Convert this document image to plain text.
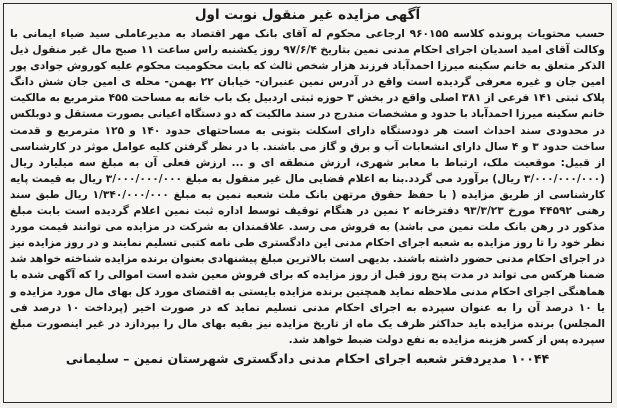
آگهی مزایده غیر منقول نوبت اول

حسب محتویات پرونده کلاسه ۹۶۰۱۵۵ ارجاعی محکوم له آقای بانک مهر اقتصاد به مدیرعاملی سید ضیاء ایمانی با وکالت آقای امید اسدیان اجرای احکام مدنی نمین بتاریخ ۹۷/۶/۴ روز یکشنبه راس ساعت ۱۱ صبح مال غیر منقول ذیل الذکر متعلق به خانم سکینه میرزا احمدآباد فرزند هزار شخص ثالث که بابت محکومیت محکوم علیه کوروش جوادی پور امین جان و غیره معرفی گردیده است واقع در آدرس نمین عنبران- خیابان ۲۲ بهمن- محله ی امین جان شش دانگ پلاک ثبتی ۱۴۱ فرعی از ۳۸۱ اصلی واقع در بخش ۳ حوزه ثبتی اردبیل یک باب خانه به مساحت ۴۵۵ مترمربع به مالکیت خانم سکینه میرزا احمدآباد با حدود و مشخصات مندرج در سند مالکیت که دو دستگاه اعیانی بصورت مستقل و دوبلکس در محدودی سند احداث است هر دودستگاه دارای اسکلت بتونی به مساحتهای حدود ۱۴۰ و ۱۲۵ مترمربع و قدمت ساخت حدود ۳ و ۴ سال دارای انشعابات آب و برق و گاز می باشند. با در نظر گرفتن کلیه عوامل موثر در کارشناسی از قبیل: موقعیت ملک، ارتباط با معابر شهری، ارزش منطقه ای و ... ارزش فعلی آن به مبلغ سه میلیارد ریال (۳/۰۰۰/۰۰۰/۰۰۰ ریال) برآورد می گردد.بنا به اعلام قضایی مال غیر منقول به مبلغ ۳/۰۰۰/۰۰۰/۰۰۰ ریال به قیمت پایه کارشناسی از طریق مزایده ( با حفظ حقوق مرتهن بانک ملت شعبه نمین به مبلغ ۱/۳۴۰/۰۰۰/۰۰۰ ریال طبق سند رهنی ۴۴۵۹۲ مورخ ۹۳/۳/۲۳ دفترخانه ۲ نمین در هنگام توقیف توسط اداره ثبت نمین اعلام گردیده است بابت مبلغ مذکور در رهن بانک ملت نمین می باشد) به فروش می رسد. علاقمندان به شرکت در مزایده می توانند قیمت مورد نظر خود را تا روز مزایده به شعبه اجرای احکام مدنی این دادگستری طی نامه کتبی تسلیم نمایند و در روز مزایده نیز در اجرای احکام مدنی حضور داشته باشند. بدیهی است بالاترین مبلغ پیشنهادی بعنوان برنده مزایده شناخته خواهد شد ضمنا هرکس می تواند در مدت پنج روز قبل از روز مزایده که برای فروش معین شده است اموالی را که آگهی شده با هماهنگی اجرای احکام مدنی ملاحظه نماید همچنین برنده مزایده بایستی به اقتضای مورد کل بهای مال مورد مزایده و یا ۱۰ درصد آن را به عنوان سپرده به اجرای احکام مدنی تسلیم نماید که در صورت اخیر (پرداخت ۱۰ درصد فی المجلس) برنده مزایده باید حداکثر ظرف یک ماه از تاریخ مزایده نیز بقیه بهای مال را بپردازد در غیر اینصورت مبلغ سپرده پس از کسر هزینه مزایده به نفع دولت ضبط خواهد شد.

۱۰۰۴۴ مدیردفتر شعبه اجرای احکام مدنی دادگستری شهرستان نمین – سلیمانی
